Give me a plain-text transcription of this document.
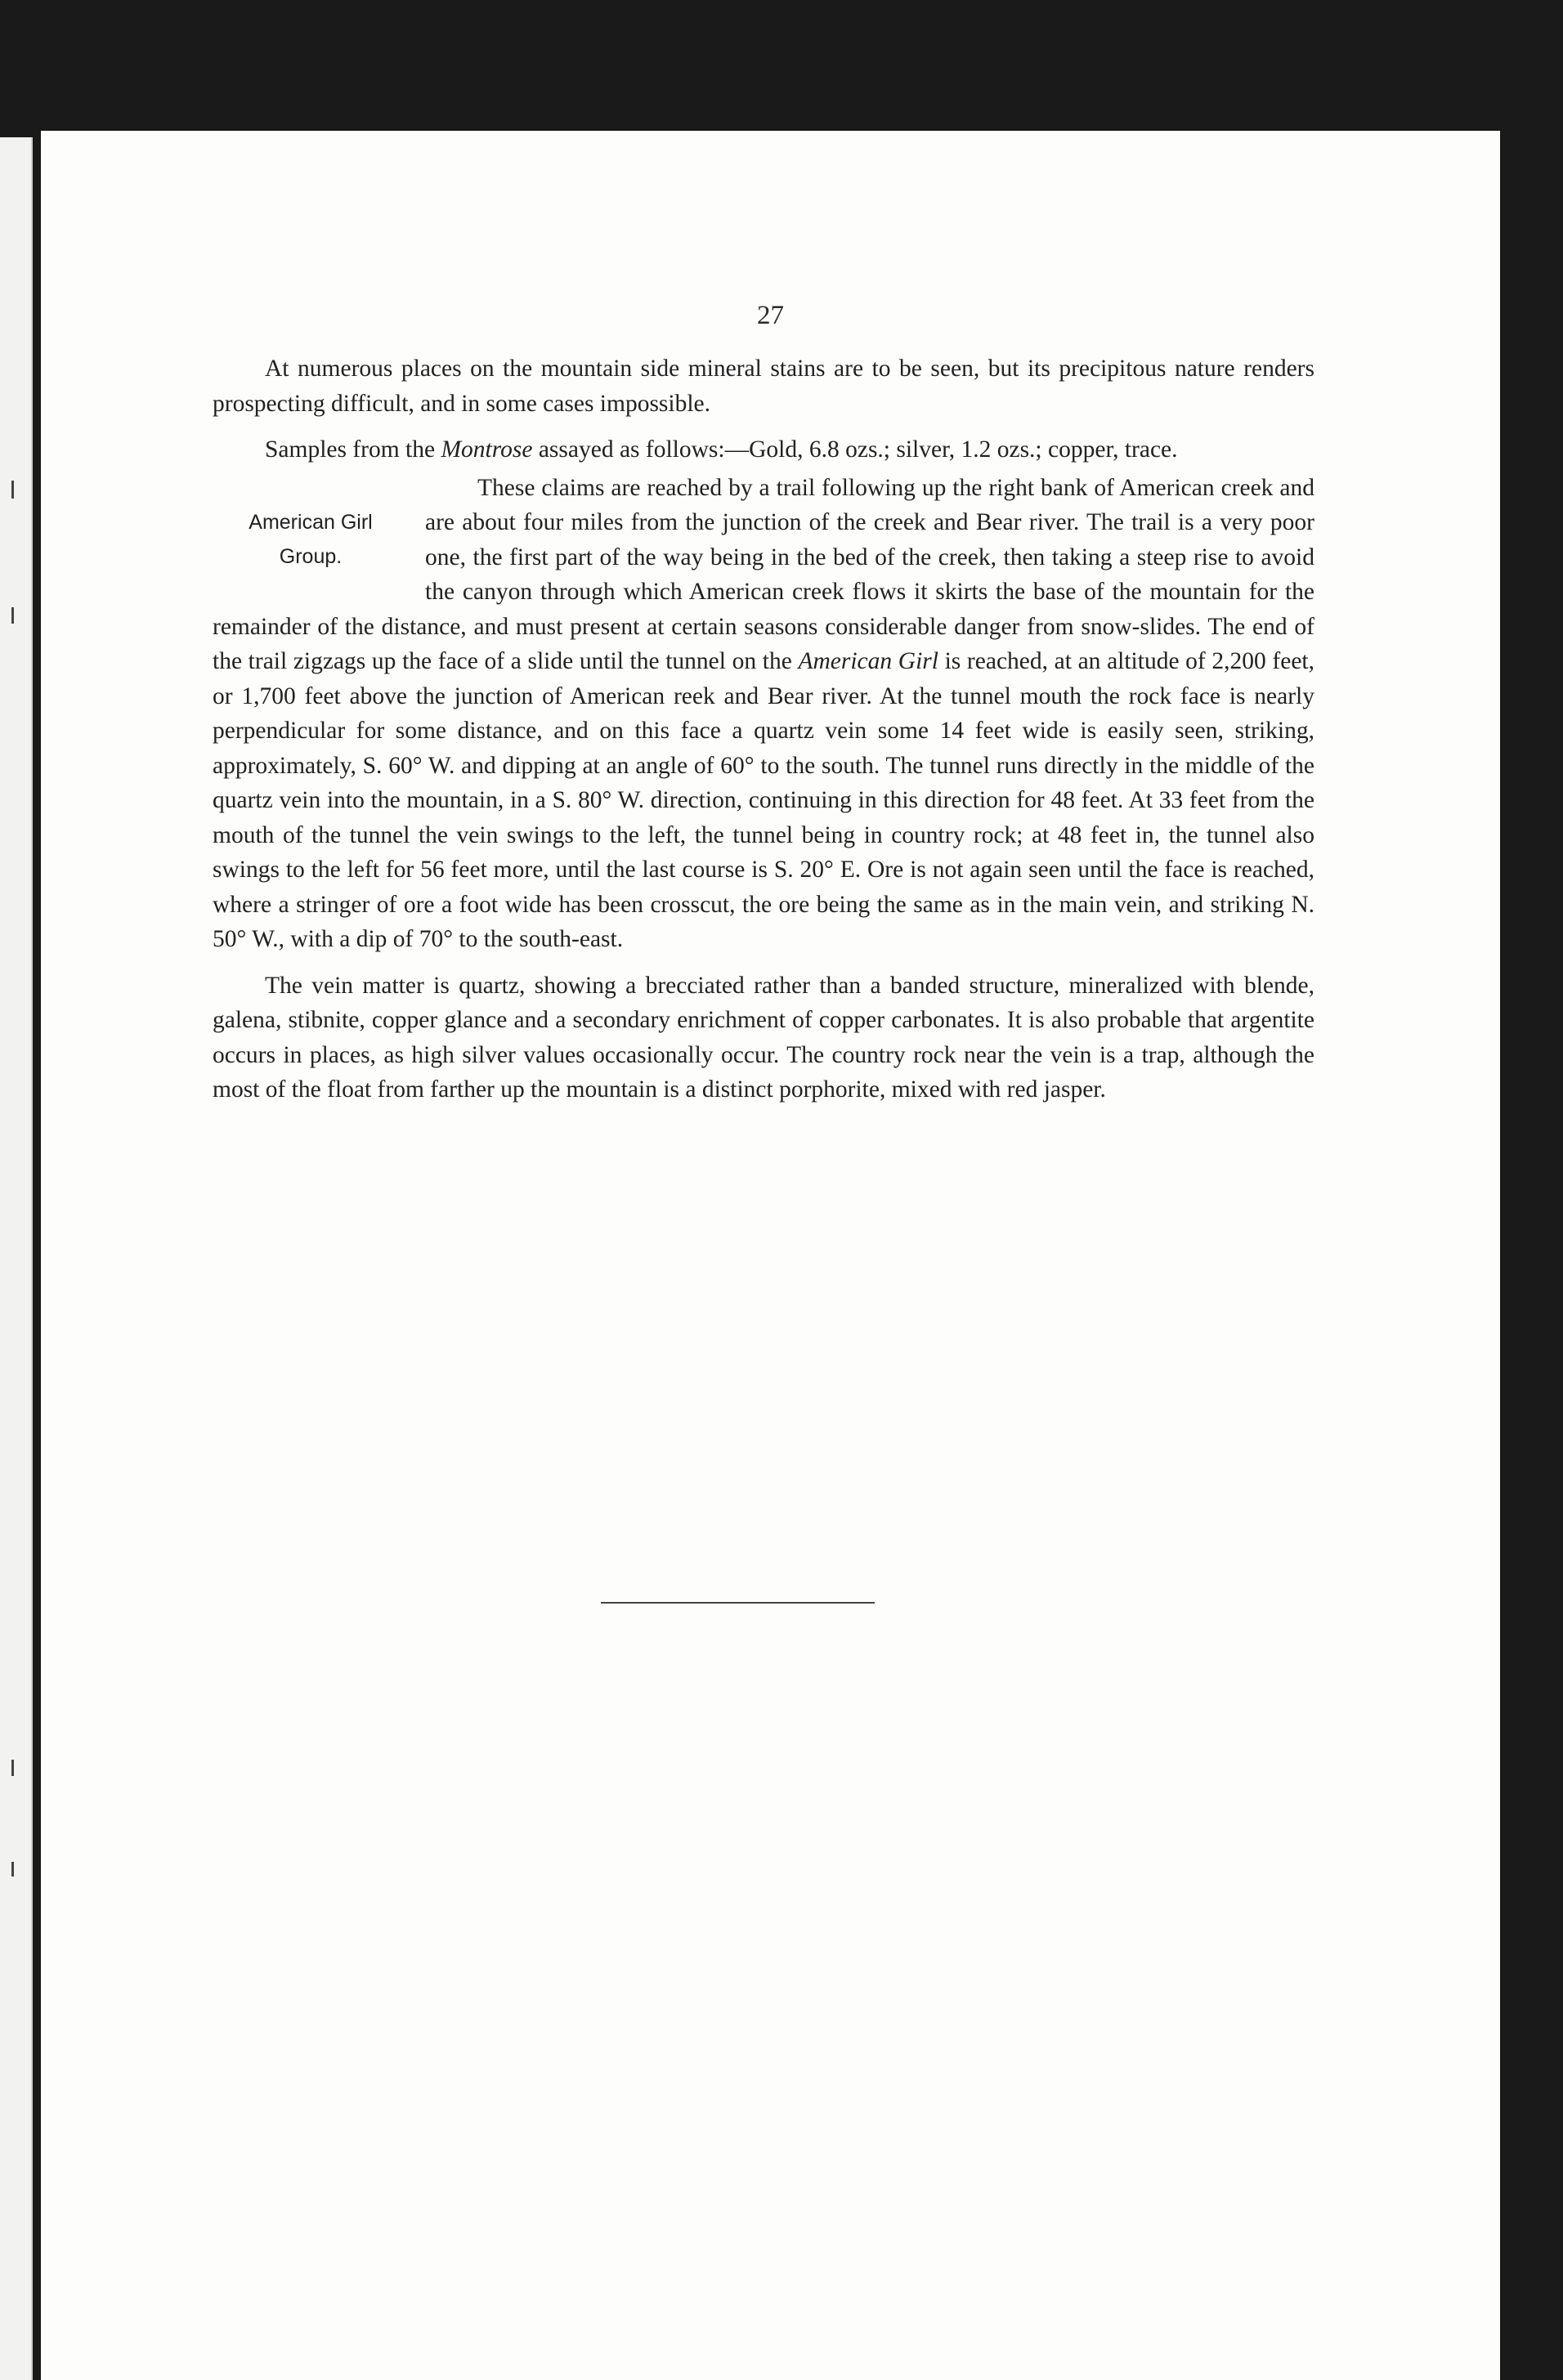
27

At numerous places on the mountain side mineral stains are to be seen, but its precipitous nature renders prospecting difficult, and in some cases impossible.

Samples from the Montrose assayed as follows:—Gold, 6.8 ozs.; silver, 1.2 ozs.; copper, trace.

American Girl
Group.

These claims are reached by a trail following up the right bank of American creek and are about four miles from the junction of the creek and Bear river. The trail is a very poor one, the first part of the way being in the bed of the creek, then taking a steep rise to avoid the canyon through which American creek flows it skirts the base of the mountain for the remainder of the distance, and must present at certain seasons considerable danger from snow-slides. The end of the trail zigzags up the face of a slide until the tunnel on the American Girl is reached, at an altitude of 2,200 feet, or 1,700 feet above the junction of American reek and Bear river. At the tunnel mouth the rock face is nearly perpendicular for some distance, and on this face a quartz vein some 14 feet wide is easily seen, striking, approximately, S. 60° W. and dipping at an angle of 60° to the south. The tunnel runs directly in the middle of the quartz vein into the mountain, in a S. 80° W. direction, continuing in this direction for 48 feet. At 33 feet from the mouth of the tunnel the vein swings to the left, the tunnel being in country rock; at 48 feet in, the tunnel also swings to the left for 56 feet more, until the last course is S. 20° E. Ore is not again seen until the face is reached, where a stringer of ore a foot wide has been crosscut, the ore being the same as in the main vein, and striking N. 50° W., with a dip of 70° to the south-east.

The vein matter is quartz, showing a brecciated rather than a banded structure, mineralized with blende, galena, stibnite, copper glance and a secondary enrichment of copper carbonates. It is also probable that argentite occurs in places, as high silver values occasionally occur. The country rock near the vein is a trap, although the most of the float from farther up the mountain is a distinct porphorite, mixed with red jasper.
